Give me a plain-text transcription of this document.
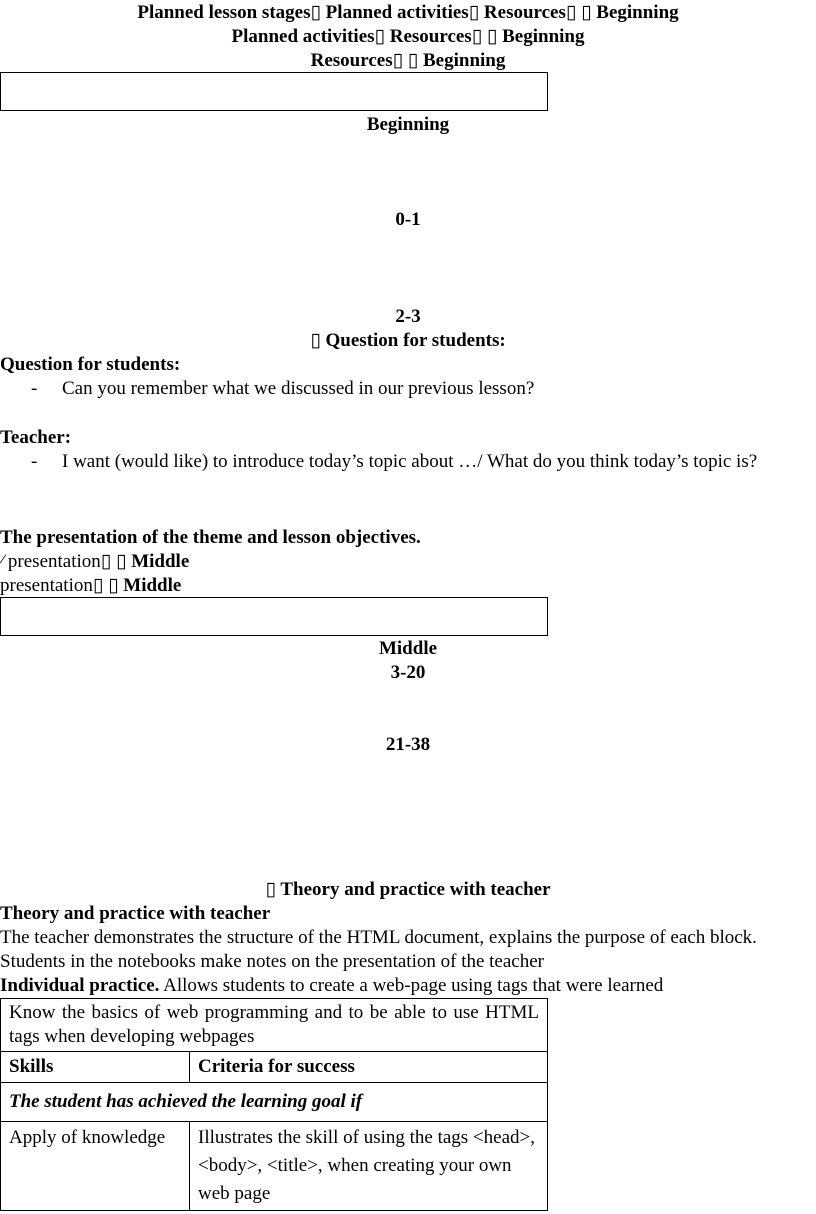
Planned lesson stages▯ Planned activities▯ Resources▯ ▯ Beginning
Planned activities▯ Resources▯ ▯ Beginning
Resources▯ ▯ Beginning
Beginning
0-1
2-3
▯ Question for students:
Question for students:
- Can you remember what we discussed in our previous lesson?
Teacher:
- I want (would like) to introduce today’s topic about …/ What do you think today’s topic is?
The presentation of the theme and lesson objectives.
∕ presentation▯ ▯ Middle
presentation▯ ▯ Middle
Middle
3-20
21-38
▯ Theory and practice with teacher
Theory and practice with teacher
The teacher demonstrates the structure of the HTML document, explains the purpose of each block. Students in the notebooks make notes on the presentation of the teacher
Individual practice. Allows students to create a web-page using tags that were learned
Know the basics of web programming and to be able to use HTML tags when developing webpages	
Skills	Criteria for success
The student has achieved the learning goal if	
Apply of knowledge	Illustrates the skill of using the tags <head>, <body>, <title>, when creating your own web page
